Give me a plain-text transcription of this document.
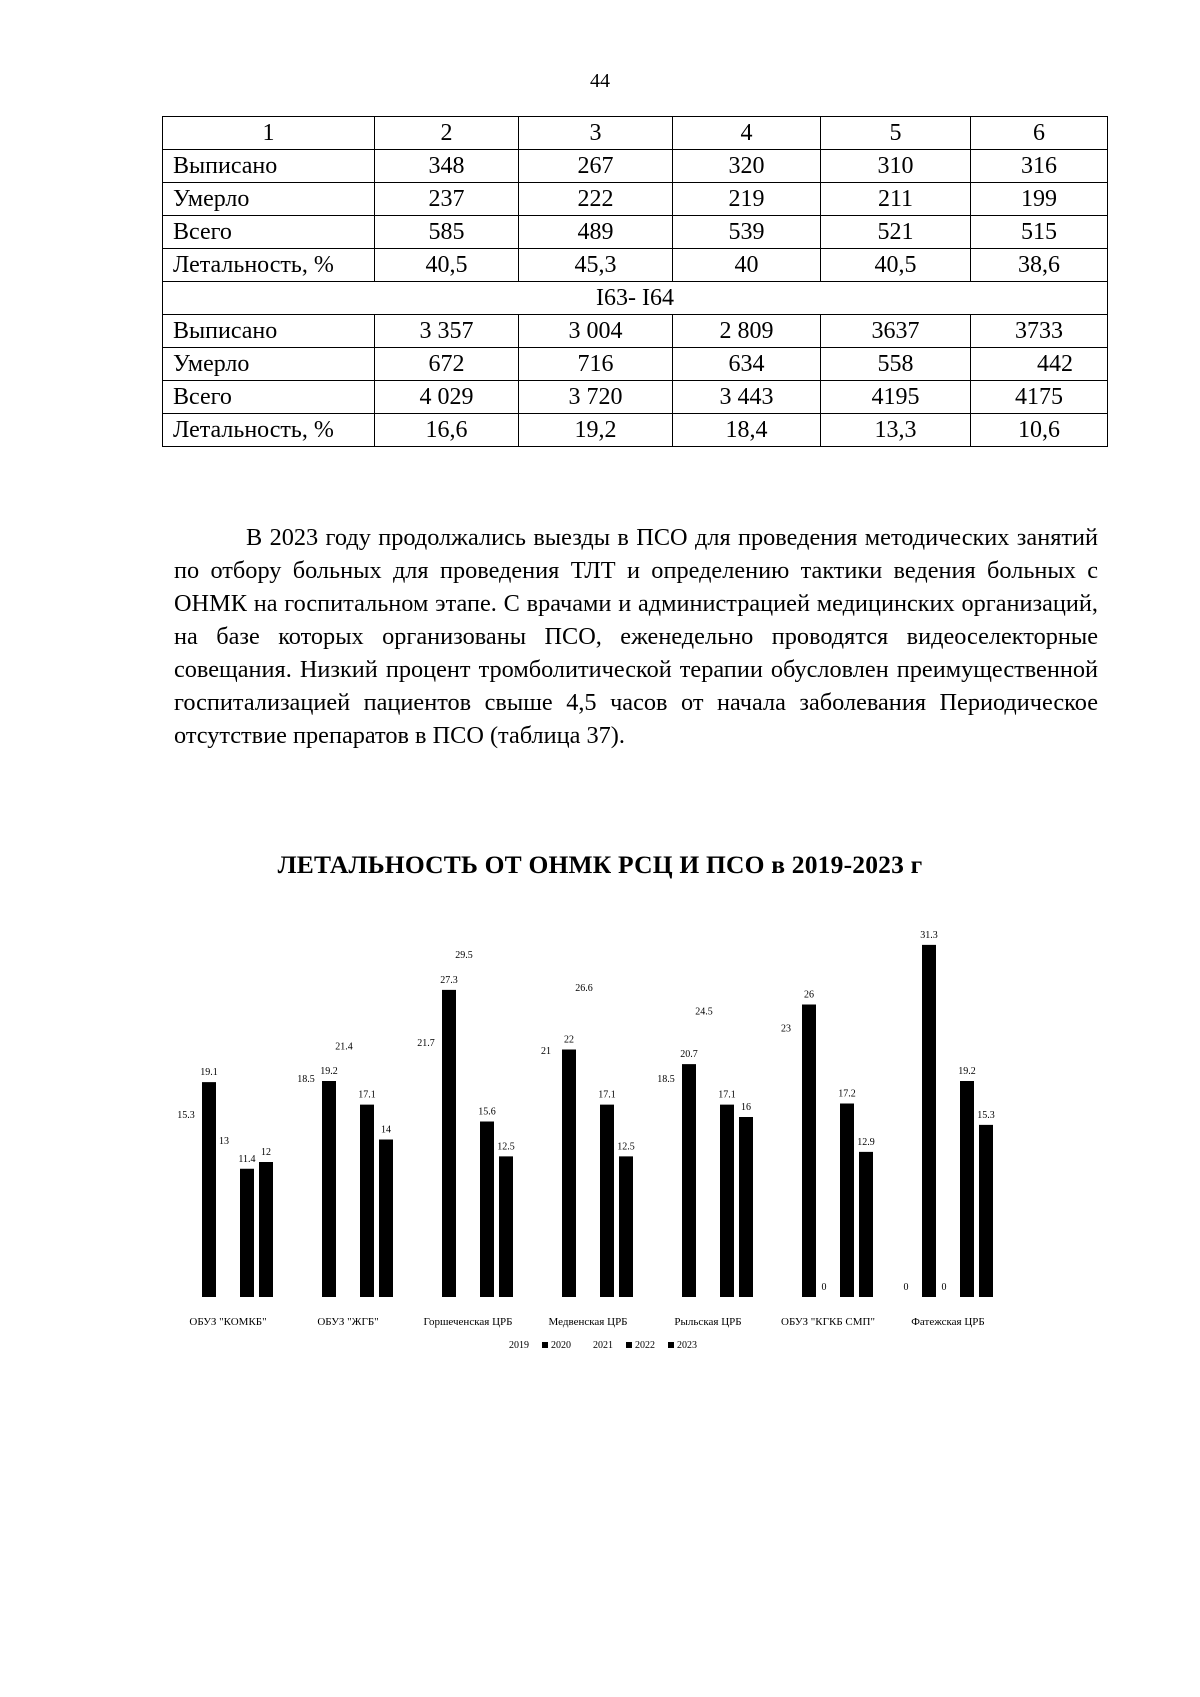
44
1	2	3	4	5	6
Выписано	348	267	320	310	316
Умерло	237	222	219	211	199
Всего	585	489	539	521	515
Летальность, %	40,5	45,3	40	40,5	38,6
I63- I64					
Выписано	3 357	3 004	2 809	3637	3733
Умерло	672	716	634	558	442
Всего	4 029	3 720	3 443	4195	4175
Летальность, %	16,6	19,2	18,4	13,3	10,6

В 2023 году продолжались выезды в ПСО для проведения методических занятий по отбору больных для проведения ТЛТ и определению тактики ведения больных с ОНМК на госпитальном этапе. С врачами и администрацией медицинских организаций, на базе которых организованы ПСО, еженедельно проводятся видеоселекторные совещания. Низкий процент тромболитической терапии обусловлен преимущественной госпитализацией пациентов свыше 4,5 часов от начала заболевания Периодическое отсутствие препаратов в ПСО (таблица 37).

ЛЕТАЛЬНОСТЬ ОТ ОНМК РСЦ И ПСО в 2019-2023 г
15.3
19.1
13
11.4
12
ОБУЗ "КОМКБ"
18.5
19.2
21.4
17.1
14
ОБУЗ "ЖГБ"
21.7
27.3
29.5
15.6
12.5
Горшеченская ЦРБ
21
22
26.6
17.1
12.5
Медвенская ЦРБ
18.5
20.7
24.5
17.1
16
Рыльская ЦРБ
23
26
0
17.2
12.9
ОБУЗ "КГКБ СМП"
0
31.3
0
19.2
15.3
Фатежская ЦРБ
2019 2020 2021 2022 2023
